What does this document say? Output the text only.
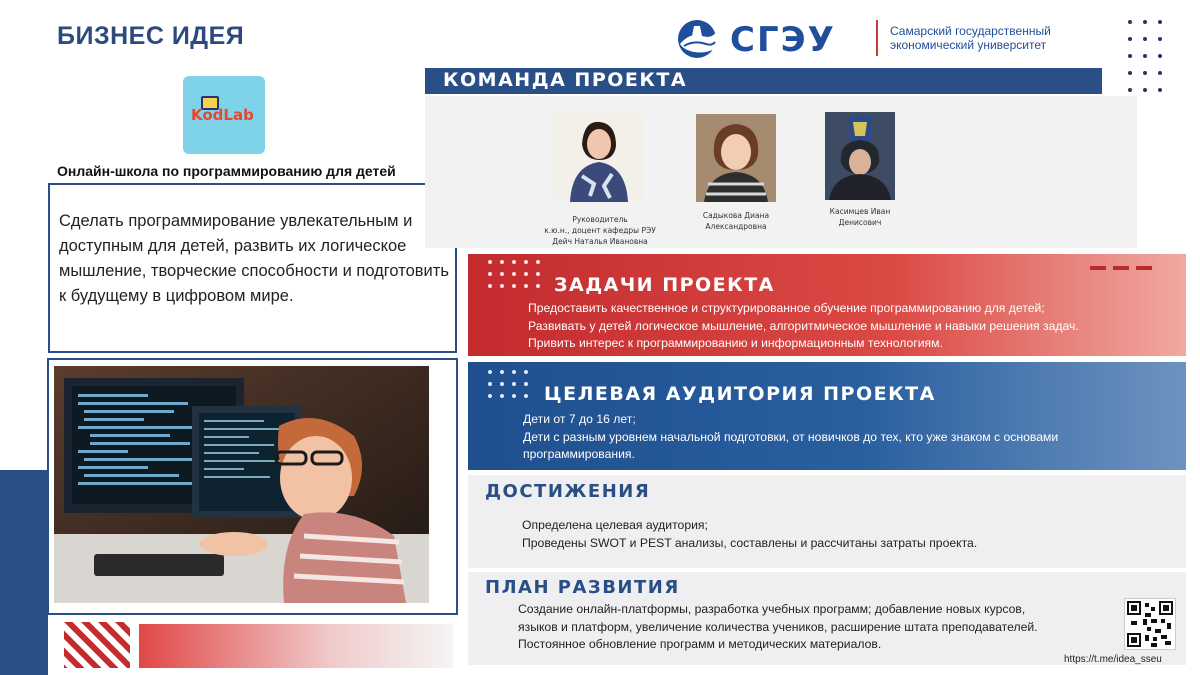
БИЗНЕС ИДЕЯ	СГЭУ	Самарский государственный
экономический университет
KodLab
Онлайн-школа по программированию для детей
Сделать программирование увлекательным и доступным для детей, развить их логическое мышление, творческие способности и подготовить к будущему в цифровом мире.
КОМАНДА ПРОЕКТА
Руководитель
к.ю.н., доцент кафедры РЭУ
Дейч Наталья Ивановна
Садыкова Диана
Александровна
Касимцев Иван
Денисович
ЗАДАЧИ ПРОЕКТА
Предоставить качественное и структурированное обучение программированию для детей;
Развивать у детей логическое мышление, алгоритмическое мышление и навыки решения задач.
Привить интерес к программированию и информационным технологиям.
ЦЕЛЕВАЯ АУДИТОРИЯ ПРОЕКТА
Дети от 7 до 16 лет;
Дети с разным уровнем начальной подготовки, от новичков до тех, кто уже знаком с основами
программирования.
ДОСТИЖЕНИЯ
Определена целевая аудитория;
Проведены SWOT и PEST анализы, составлены и рассчитаны затраты проекта.
ПЛАН РАЗВИТИЯ
Создание онлайн-платформы, разработка учебных программ; добавление новых курсов,
языков и платформ, увеличение количества учеников, расширение штата преподавателей.
Постоянное обновление программ и методических материалов.
https://t.me/idea_sseu
